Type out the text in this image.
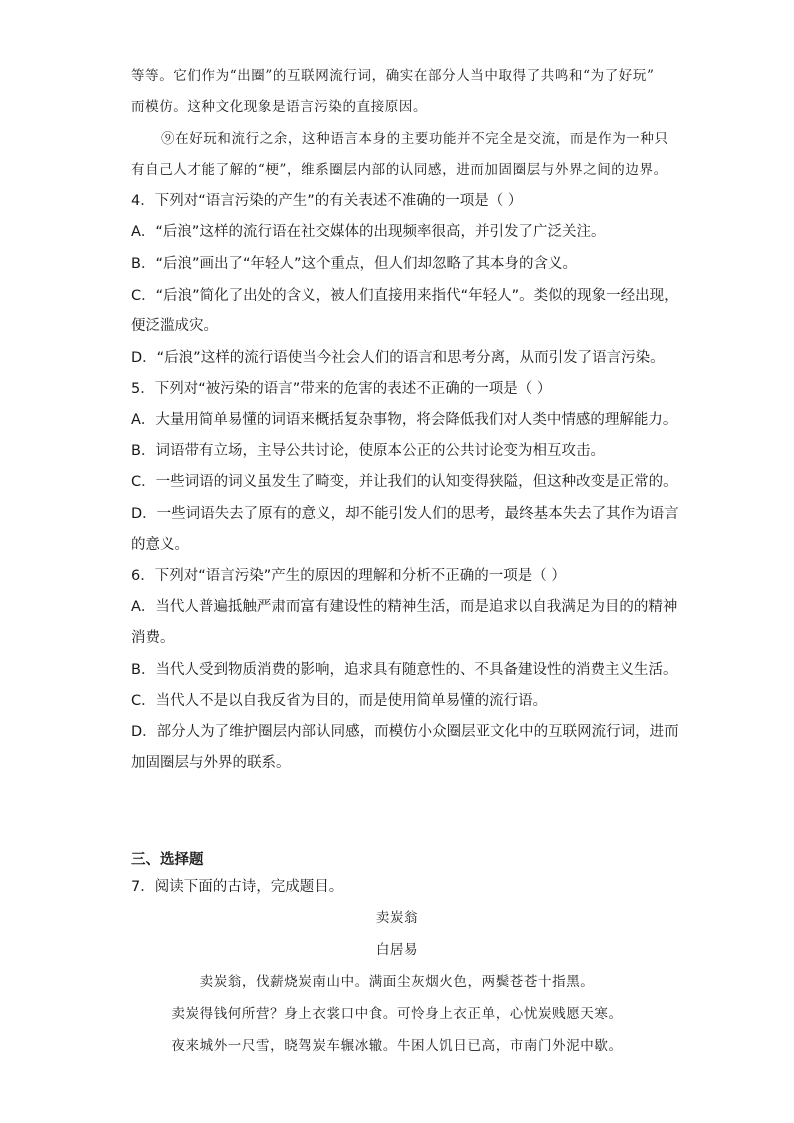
等等。它们作为“出圈”的互联网流行词，确实在部分人当中取得了共鸣和“为了好玩”
而模仿。这种文化现象是语言污染的直接原因。
⑨在好玩和流行之余，这种语言本身的主要功能并不完全是交流，而是作为一种只
有自己人才能了解的“梗”，维系圈层内部的认同感，进而加固圈层与外界之间的边界。
4．下列对“语言污染的产生”的有关表述不准确的一项是（ ）
A．“后浪”这样的流行语在社交媒体的出现频率很高，并引发了广泛关注。
B．“后浪”画出了“年轻人”这个重点，但人们却忽略了其本身的含义。
C．“后浪”简化了出处的含义，被人们直接用来指代“年轻人”。类似的现象一经出现，
便泛滥成灾。
D．“后浪”这样的流行语使当今社会人们的语言和思考分离，从而引发了语言污染。
5．下列对“被污染的语言”带来的危害的表述不正确的一项是（ ）
A．大量用简单易懂的词语来概括复杂事物，将会降低我们对人类中情感的理解能力。
B．词语带有立场，主导公共讨论，使原本公正的公共讨论变为相互攻击。
C．一些词语的词义虽发生了畸变，并让我们的认知变得狭隘，但这种改变是正常的。
D．一些词语失去了原有的意义，却不能引发人们的思考，最终基本失去了其作为语言
的意义。
6．下列对“语言污染”产生的原因的理解和分析不正确的一项是（ ）
A．当代人普遍抵触严肃而富有建设性的精神生活，而是追求以自我满足为目的的精神
消费。
B．当代人受到物质消费的影响，追求具有随意性的、不具备建设性的消费主义生活。
C．当代人不是以自我反省为目的，而是使用简单易懂的流行语。
D．部分人为了维护圈层内部认同感，而模仿小众圈层亚文化中的互联网流行词，进而
加固圈层与外界的联系。
三、选择题
7．阅读下面的古诗，完成题目。
卖炭翁
白居易
卖炭翁，伐薪烧炭南山中。满面尘灰烟火色，两鬓苍苍十指黑。
卖炭得钱何所营？身上衣裳口中食。可怜身上衣正单，心忧炭贱愿天寒。
夜来城外一尺雪，晓驾炭车辗冰辙。牛困人饥日已高，市南门外泥中歇。
